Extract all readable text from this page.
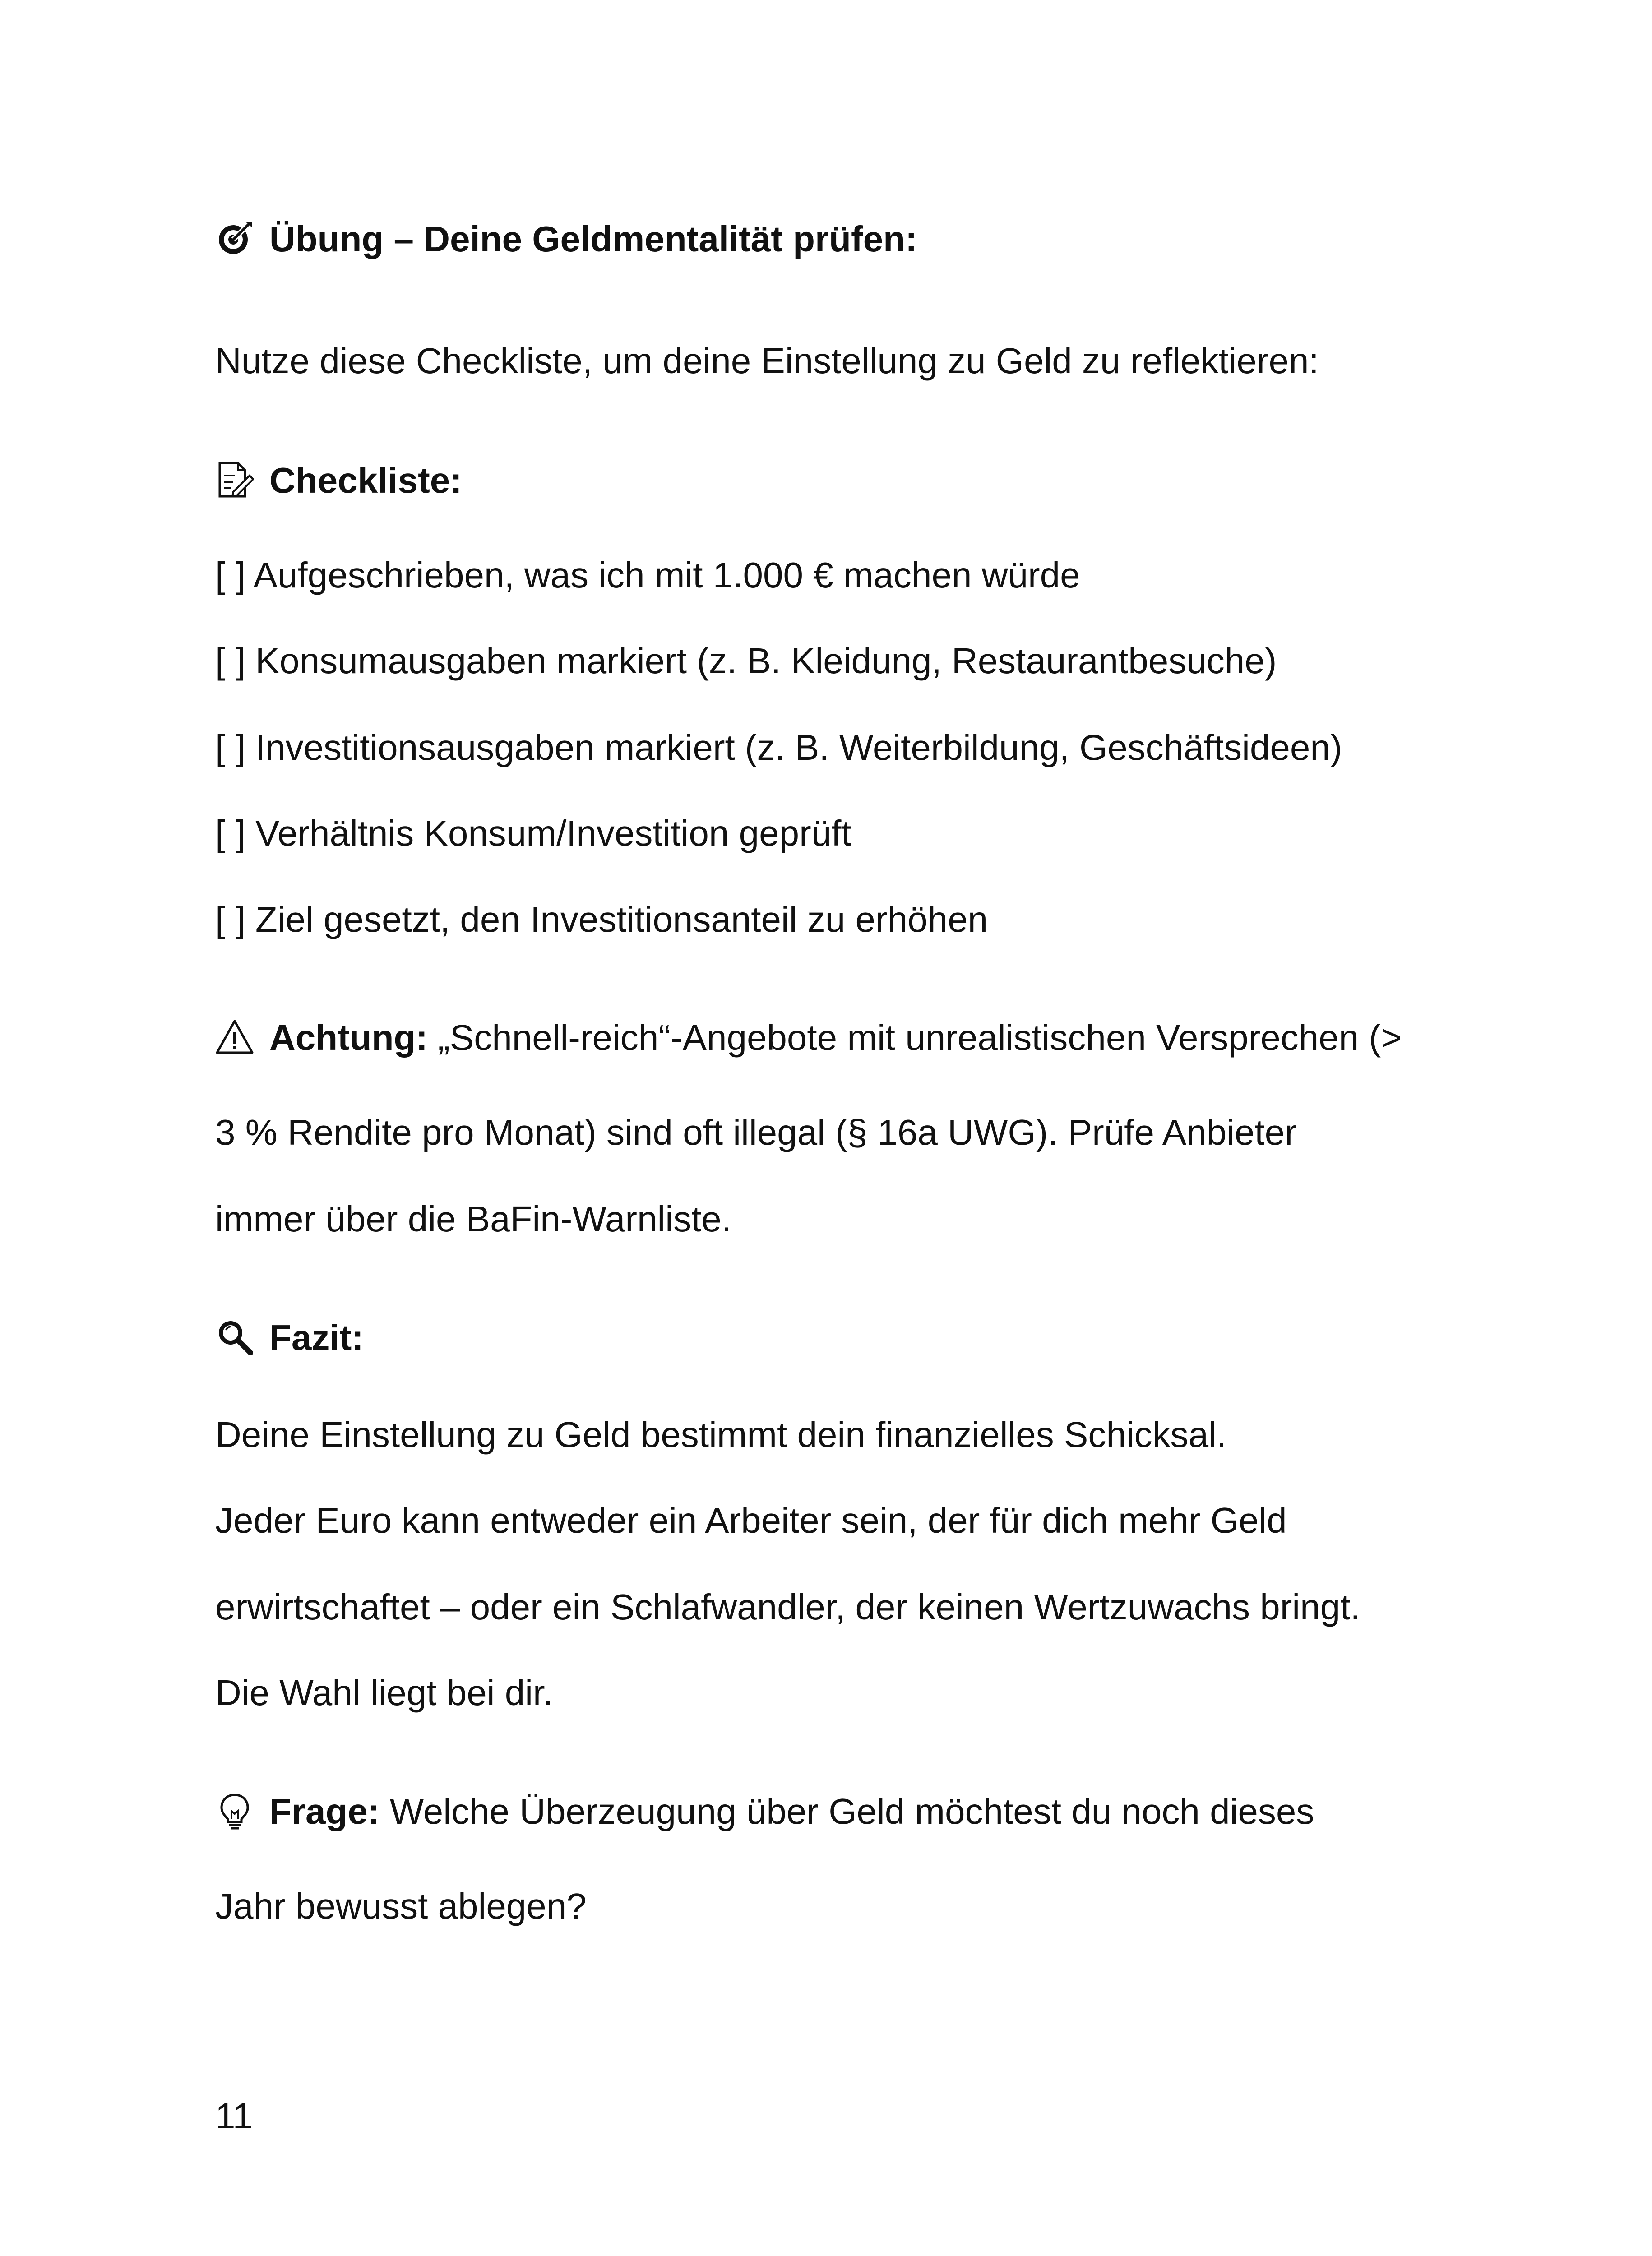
Übung – Deine Geldmentalität prüfen:
Nutze diese Checkliste, um deine Einstellung zu Geld zu reflektieren:
Checkliste:
[ ] Aufgeschrieben, was ich mit 1.000 € machen würde
[ ] Konsumausgaben markiert (z. B. Kleidung, Restaurantbesuche)
[ ] Investitionsausgaben markiert (z. B. Weiterbildung, Geschäftsideen)
[ ] Verhältnis Konsum/Investition geprüft
[ ] Ziel gesetzt, den Investitionsanteil zu erhöhen
Achtung: „Schnell-reich“-Angebote mit unrealistischen Versprechen (>
3 % Rendite pro Monat) sind oft illegal (§ 16a UWG). Prüfe Anbieter
immer über die BaFin-Warnliste.
Fazit:
Deine Einstellung zu Geld bestimmt dein finanzielles Schicksal.
Jeder Euro kann entweder ein Arbeiter sein, der für dich mehr Geld
erwirtschaftet – oder ein Schlafwandler, der keinen Wertzuwachs bringt.
Die Wahl liegt bei dir.
Frage: Welche Überzeugung über Geld möchtest du noch dieses
Jahr bewusst ablegen?
11
